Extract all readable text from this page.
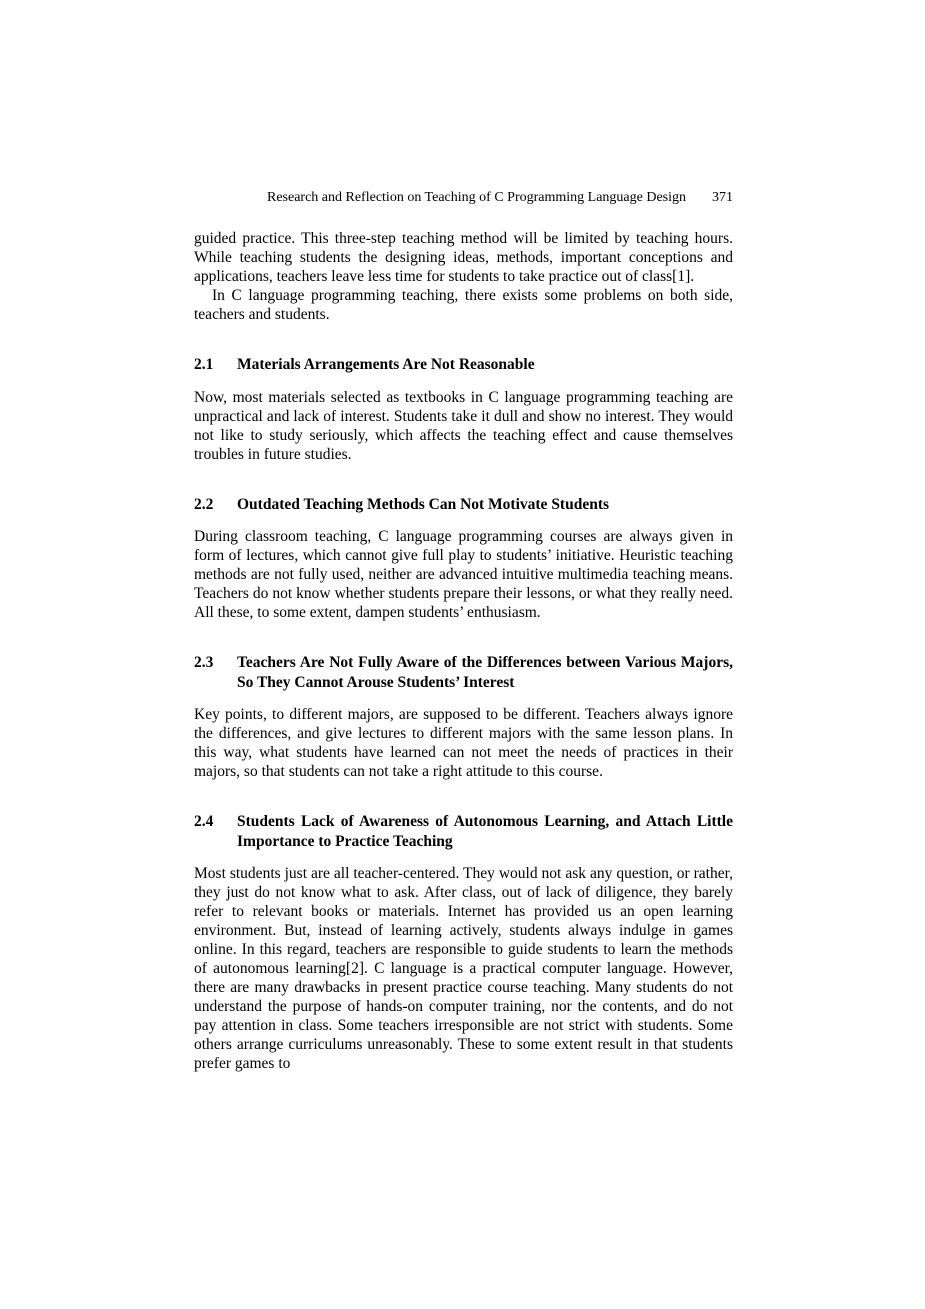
Research and Reflection on Teaching of C Programming Language Design 371

guided practice. This three-step teaching method will be limited by teaching hours. While teaching students the designing ideas, methods, important conceptions and applications, teachers leave less time for students to take practice out of class[1].

In C language programming teaching, there exists some problems on both side, teachers and students.

2.1	Materials Arrangements Are Not Reasonable

Now, most materials selected as textbooks in C language programming teaching are unpractical and lack of interest. Students take it dull and show no interest. They would not like to study seriously, which affects the teaching effect and cause themselves troubles in future studies.

2.2	Outdated Teaching Methods Can Not Motivate Students

During classroom teaching, C language programming courses are always given in form of lectures, which cannot give full play to students’ initiative. Heuristic teaching methods are not fully used, neither are advanced intuitive multimedia teaching means. Teachers do not know whether students prepare their lessons, or what they really need. All these, to some extent, dampen students’ enthusiasm.

2.3	Teachers Are Not Fully Aware of the Differences between Various Majors, So They Cannot Arouse Students’ Interest

Key points, to different majors, are supposed to be different. Teachers always ignore the differences, and give lectures to different majors with the same lesson plans. In this way, what students have learned can not meet the needs of practices in their majors, so that students can not take a right attitude to this course.

2.4	Students Lack of Awareness of Autonomous Learning, and Attach Little Importance to Practice Teaching

Most students just are all teacher-centered. They would not ask any question, or rather, they just do not know what to ask. After class, out of lack of diligence, they barely refer to relevant books or materials. Internet has provided us an open learning environment. But, instead of learning actively, students always indulge in games online. In this regard, teachers are responsible to guide students to learn the methods of autonomous learning[2]. C language is a practical computer language. However, there are many drawbacks in present practice course teaching. Many students do not understand the purpose of hands-on computer training, nor the contents, and do not pay attention in class. Some teachers irresponsible are not strict with students. Some others arrange curriculums unreasonably. These to some extent result in that students prefer games to
